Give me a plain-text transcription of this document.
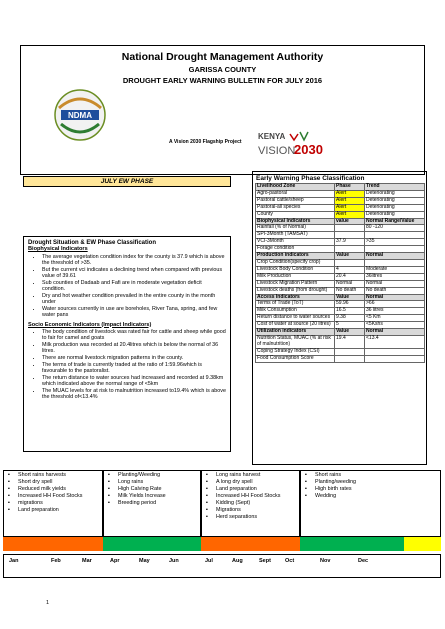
National Drought Management Authority
GARISSA COUNTY
DROUGHT EARLY WARNING BULLETIN FOR JULY 2016
NDMA
A Vision 2030 Flagship Project
KENYA
VISION
2030
JULY EW PHASE
Drought Situation & EW Phase Classification
Biophysical Indicators
• The average vegetation condition index for the county is 37.9 which is above the threshold of >35.
• But the current vci indicates a declining trend when compared with previous value of 39.61
• Sub counties of Dadaab and Fafi are in moderate vegetation deficit condition.
• Dry and hot weather condition prevailed in the entire county in the month under
• Water sources currently in use are boreholes, River Tana, spring, and few water pans
Socio Economic Indicators (Impact Indicators)
• The body condition of livestock was rated fair for cattle and sheep while good to fair for camel and goats
• Milk production was recorded at 20.4litres which is below the normal of 36 litres.
• There are normal livestock migration patterns in the county.
• The terms of trade is currently traded at the ratio of 1:59.96which is favourable to the pastoralist.
• The return distance to water sources had increased and recorded at 9.38km which indicated above the normal range of <5km
• The MUAC levels for at risk to malnutrition increased to19.4% which is above the threshold of<13.4%
Early Warning Phase Classification
Livelihood Zone	Phase	Trend
Agro-pastoral	Alert	Deteriorating
Pastoral cattle/sheep	Alert	Deteriorating
Pastoral-all species	Alert	Deteriorating
County	Alert	Deteriorating
Biophysical Indicators	value	Normal Range/Value
Rainfall (% of Normal)		80 -120
SPI-3Month (TAMSAT)		
VCI-3Month	37.9	>35
Forage condition		
Production indicators	Value	Normal
Crop Condition(specify crop)		
Livestock Body Condition	4	Moderate
Milk Production	20.4	36litres
Livestock Migration Pattern	Normal	Normal
Livestock deaths (from drought)	No death	No death
Access Indicators	Value	Normal
Terms of Trade (ToT)	59.96	>66
Milk Consumption	16.5	36 litres
Return distance to water sources	9.38	<5 Km
Cost of water at source (20 litres)	5	<5Kshs
Utilization indicators	Value	Normal
Nutrition Status, MUAC (% at risk of malnutrition)	19.4	<13.4
Coping Strategy Index (CSI)		
Food Consumption Score		
▪ Short rains harvests
▪ Short dry spell
▪ Reduced milk yields
▪ Increased HH Food Stocks
▪ migrations
▪ Land preparation
▪ Planting/Weeding
▪ Long rains
▪ High Calving Rate
▪ Milk Yields Increase
▪ Breeding period
▪ Long rains harvest
▪ A long dry spell
▪ Land preparation
▪ Increased HH Food Stocks
▪ Kidding (Sept)
▪ Migrations
▪ Herd separations
▪ Short rains
▪ Planting/weeding
▪ High birth rates
▪ Wedding
Jan	Feb	Mar	Apr	May	Jun	Jul	Aug	Sept	Oct	Nov	Dec
1
